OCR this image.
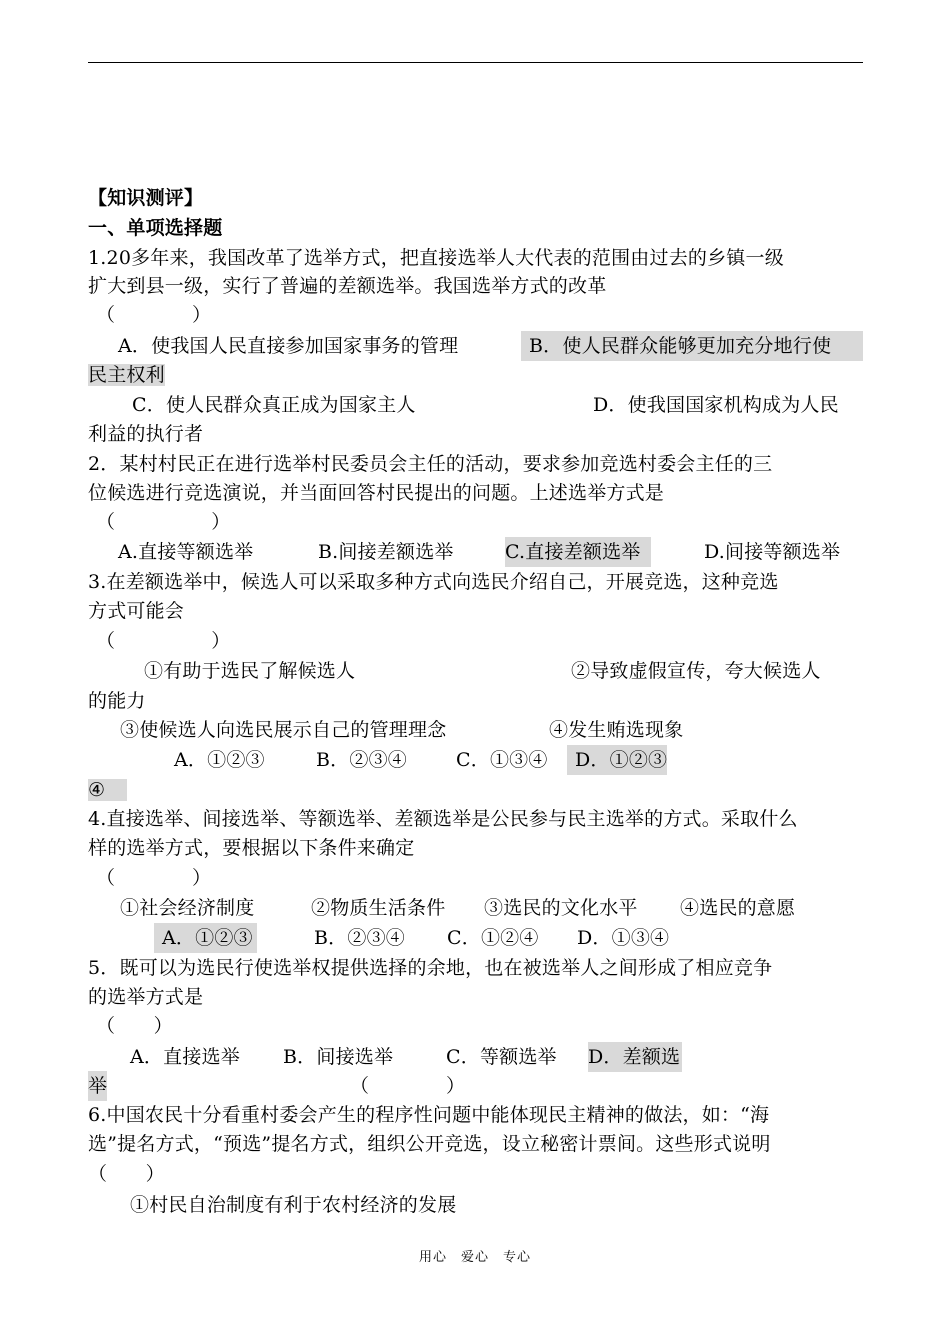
【知识测评】
一、单项选择题
1.20多年来，我国改革了选举方式，把直接选举人大代表的范围由过去的乡镇一级
扩大到县一级，实行了普遍的差额选举。我国选举方式的改革
（　　　　）
A．使我国人民直接参加国家事务的管理	B．使人民群众能够更加充分地行使
民主权利
C．使人民群众真正成为国家主人	D．使我国国家机构成为人民
利益的执行者
2．某村村民正在进行选举村民委员会主任的活动，要求参加竞选村委会主任的三
位候选进行竞选演说，并当面回答村民提出的问题。上述选举方式是
（　　　　　）
A.直接等额选举	B.间接差额选举	C.直接差额选举	D.间接等额选举
3.在差额选举中，候选人可以采取多种方式向选民介绍自己，开展竞选，这种竞选
方式可能会
（　　　　　）
①有助于选民了解候选人	②导致虚假宣传，夸大候选人
的能力
③使候选人向选民展示自己的管理理念	④发生贿选现象
A．①②③	B．②③④	C．①③④	D．①②③
④
4.直接选举、间接选举、等额选举、差额选举是公民参与民主选举的方式。采取什么
样的选举方式，要根据以下条件来确定
（　　　　）
①社会经济制度	②物质生活条件 ③选民的文化水平 ④选民的意愿
A．①②③	B．②③④ C．①②④ D．①③④
5．既可以为选民行使选举权提供选择的余地，也在被选举人之间形成了相应竞争
的选举方式是
（　　）
A．直接选举 B．间接选举	C．等额选举 D．差额选
举	（　　　　）
6.中国农民十分看重村委会产生的程序性问题中能体现民主精神的做法，如：“海
选”提名方式，“预选”提名方式，组织公开竞选，设立秘密计票间。这些形式说明
（　　）
①村民自治制度有利于农村经济的发展
用心　爱心　专心
